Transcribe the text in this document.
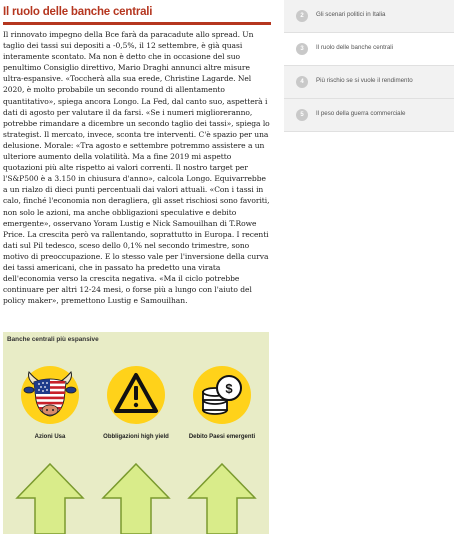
Il ruolo delle banche centrali

Il rinnovato impegno della Bce farà da paracadute allo spread. Un taglio dei tassi sui depositi a -0,5%, il 12 settembre, è già quasi interamente scontato. Ma non è detto che in occasione del suo penultimo Consiglio direttivo, Mario Draghi annunci altre misure ultra-espansive. «Toccherà alla sua erede, Christine Lagarde. Nel 2020, è molto probabile un secondo round di allentamento quantitativo», spiega ancora Longo. La Fed, dal canto suo, aspetterà i dati di agosto per valutare il da farsi. «Se i numeri miglioreranno, potrebbe rimandare a dicembre un secondo taglio dei tassi», spiega lo strategist. Il mercato, invece, sconta tre interventi. C'è spazio per una delusione. Morale: «Tra agosto e settembre potremmo assistere a un ulteriore aumento della volatilità. Ma a fine 2019 mi aspetto quotazioni più alte rispetto ai valori correnti. Il nostro target per l'S&P500 è a 3.150 in chiusura d'anno», calcola Longo. Equivarrebbe a un rialzo di dieci punti percentuali dai valori attuali. «Con i tassi in calo, finché l'economia non deragliera, gli asset rischiosi sono favoriti, non solo le azioni, ma anche obbligazioni speculative e debito emergente», osservano Yoram Lustig e Nick Samouilhan di T.Rowe Price. La crescita però va rallentando, soprattutto in Europa. I recenti dati sul Pil tedesco, sceso dello 0,1% nel secondo trimestre, sono motivo di preoccupazione. E lo stesso vale per l'inversione della curva dei tassi americani, che in passato ha predetto una virata dell'economia verso la crescita negativa. «Ma il ciclo potrebbe continuare per altri 12-24 mesi, o forse più a lungo con l'aiuto del policy maker», premettono Lustig e Samouilhan.

Banche centrali più espansive
Azioni Usa	Obbligazioni high yield
$
Debito Paesi emergenti
2	Gli scenari politici in Italia
3	Il ruolo delle banche centrali
4	Più rischio se si vuole il rendimento
5	Il peso della guerra commerciale
